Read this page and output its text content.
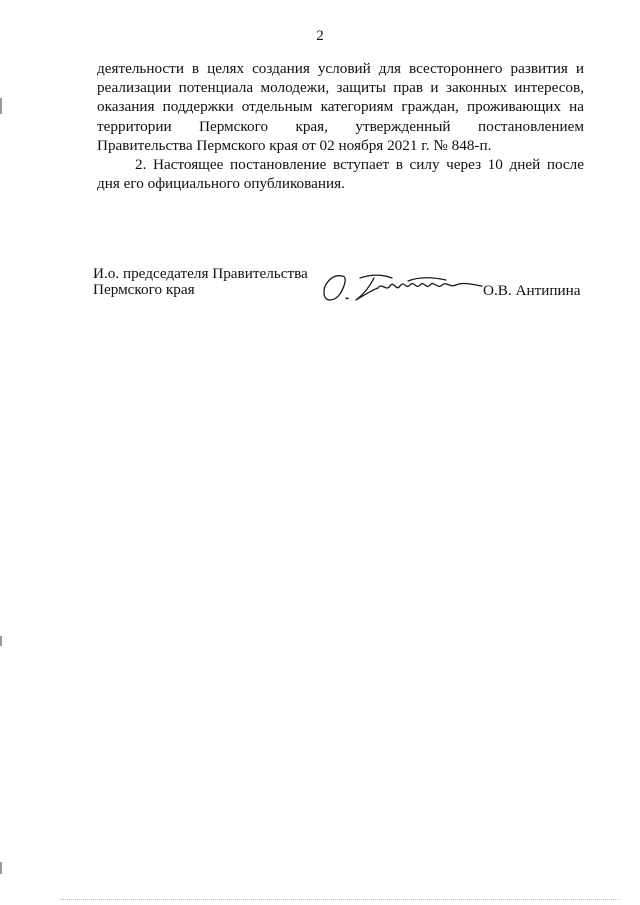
2

деятельности в целях создания условий для всестороннего развития и реализации потенциала молодежи, защиты прав и законных интересов, оказания поддержки отдельным категориям граждан, проживающих на территории Пермского края, утвержденный постановлением Правительства Пермского края от 02 ноября 2021 г. № 848-п.

2. Настоящее постановление вступает в силу через 10 дней после дня его официального опубликования.

И.о. председателя Правительства
Пермского края	О.В. Антипина
